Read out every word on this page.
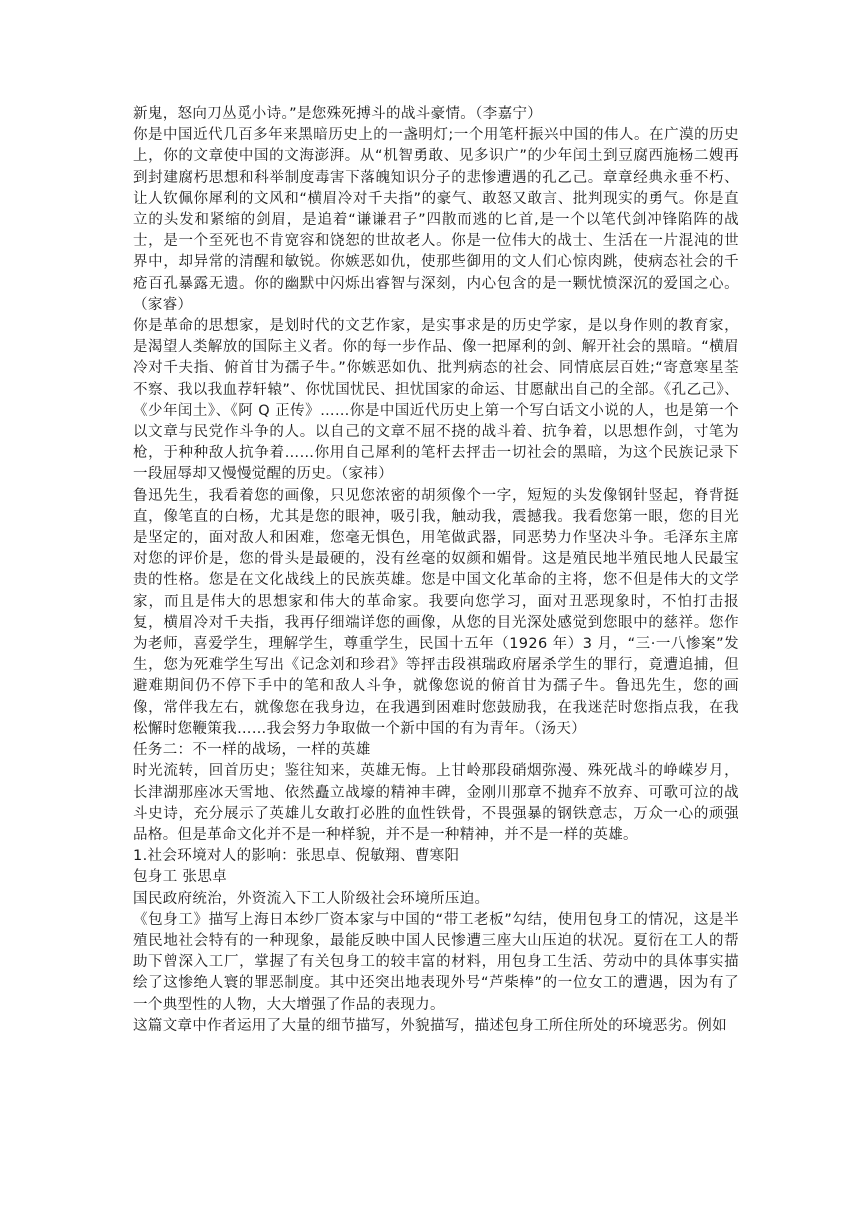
新鬼，怒向刀丛觅小诗。”是您殊死搏斗的战斗豪情。（李嘉宁）

你是中国近代几百多年来黑暗历史上的一盏明灯;一个用笔杆振兴中国的伟人。在广漠的历史上，你的文章使中国的文海澎湃。从“机智勇敢、见多识广”的少年闰土到豆腐西施杨二嫂再到封建腐朽思想和科举制度毒害下落魄知识分子的悲惨遭遇的孔乙己。章章经典永垂不朽、让人钦佩你犀利的文风和“横眉冷对千夫指”的豪气、敢怒又敢言、批判现实的勇气。你是直立的头发和紧缩的剑眉，是追着“谦谦君子”四散而逃的匕首,是一个以笔代剑冲锋陷阵的战士，是一个至死也不肯宽容和饶恕的世故老人。你是一位伟大的战士、生活在一片混沌的世界中，却异常的清醒和敏锐。你嫉恶如仇，使那些御用的文人们心惊肉跳，使病态社会的千疮百孔暴露无遗。你的幽默中闪烁出睿智与深刻，内心包含的是一颗忧愤深沉的爱国之心。（家睿）

你是革命的思想家，是划时代的文艺作家，是实事求是的历史学家，是以身作则的教育家，是渴望人类解放的国际主义者。你的每一步作品、像一把犀利的剑、解开社会的黑暗。“横眉冷对千夫指、俯首甘为孺子牛。”你嫉恶如仇、批判病态的社会、同情底层百姓;“寄意寒星荃不察、我以我血荐轩辕”、你忧国忧民、担忧国家的命运、甘愿献出自己的全部。《孔乙己》、《少年闰土》、《阿 Q 正传》……你是中国近代历史上第一个写白话文小说的人，也是第一个以文章与民党作斗争的人。以自己的文章不屈不挠的战斗着、抗争着，以思想作剑，寸笔为枪，于种种敌人抗争着……你用自己犀利的笔杆去抨击一切社会的黑暗，为这个民族记录下一段屈辱却又慢慢觉醒的历史。（家祎）

鲁迅先生，我看着您的画像，只见您浓密的胡须像个一字，短短的头发像钢针竖起，脊背挺直，像笔直的白杨，尤其是您的眼神，吸引我，触动我，震撼我。我看您第一眼，您的目光是坚定的，面对敌人和困难，您毫无惧色，用笔做武器，同恶势力作坚决斗争。毛泽东主席对您的评价是，您的骨头是最硬的，没有丝毫的奴颜和媚骨。这是殖民地半殖民地人民最宝贵的性格。您是在文化战线上的民族英雄。您是中国文化革命的主将，您不但是伟大的文学家，而且是伟大的思想家和伟大的革命家。我要向您学习，面对丑恶现象时，不怕打击报复，横眉冷对千夫指，我再仔细端详您的画像，从您的目光深处感觉到您眼中的慈祥。您作为老师，喜爱学生，理解学生，尊重学生，民国十五年（1926 年）3 月，“三·一八惨案”发生，您为死难学生写出《记念刘和珍君》等抨击段祺瑞政府屠杀学生的罪行，竟遭追捕，但避难期间仍不停下手中的笔和敌人斗争，就像您说的俯首甘为孺子牛。鲁迅先生，您的画像，常伴我左右，就像您在我身边，在我遇到困难时您鼓励我，在我迷茫时您指点我，在我松懈时您鞭策我……我会努力争取做一个新中国的有为青年。（汤天）

任务二：不一样的战场，一样的英雄

时光流转，回首历史；鉴往知来，英雄无悔。上甘岭那段硝烟弥漫、殊死战斗的峥嵘岁月，长津湖那座冰天雪地、依然矗立战壕的精神丰碑，金刚川那章不抛弃不放弃、可歌可泣的战斗史诗，充分展示了英雄儿女敢打必胜的血性铁骨，不畏强暴的钢铁意志，万众一心的顽强品格。但是革命文化并不是一种样貌，并不是一种精神，并不是一样的英雄。

1.社会环境对人的影响：张思卓、倪敏翔、曹寒阳

包身工 张思卓

国民政府统治，外资流入下工人阶级社会环境所压迫。

《包身工》描写上海日本纱厂资本家与中国的“带工老板”勾结，使用包身工的情况，这是半殖民地社会特有的一种现象，最能反映中国人民惨遭三座大山压迫的状况。夏衍在工人的帮助下曾深入工厂，掌握了有关包身工的较丰富的材料，用包身工生活、劳动中的具体事实描绘了这惨绝人寰的罪恶制度。其中还突出地表现外号“芦柴棒”的一位女工的遭遇，因为有了一个典型性的人物，大大增强了作品的表现力。

这篇文章中作者运用了大量的细节描写，外貌描写，描述包身工所住所处的环境恶劣。例如
